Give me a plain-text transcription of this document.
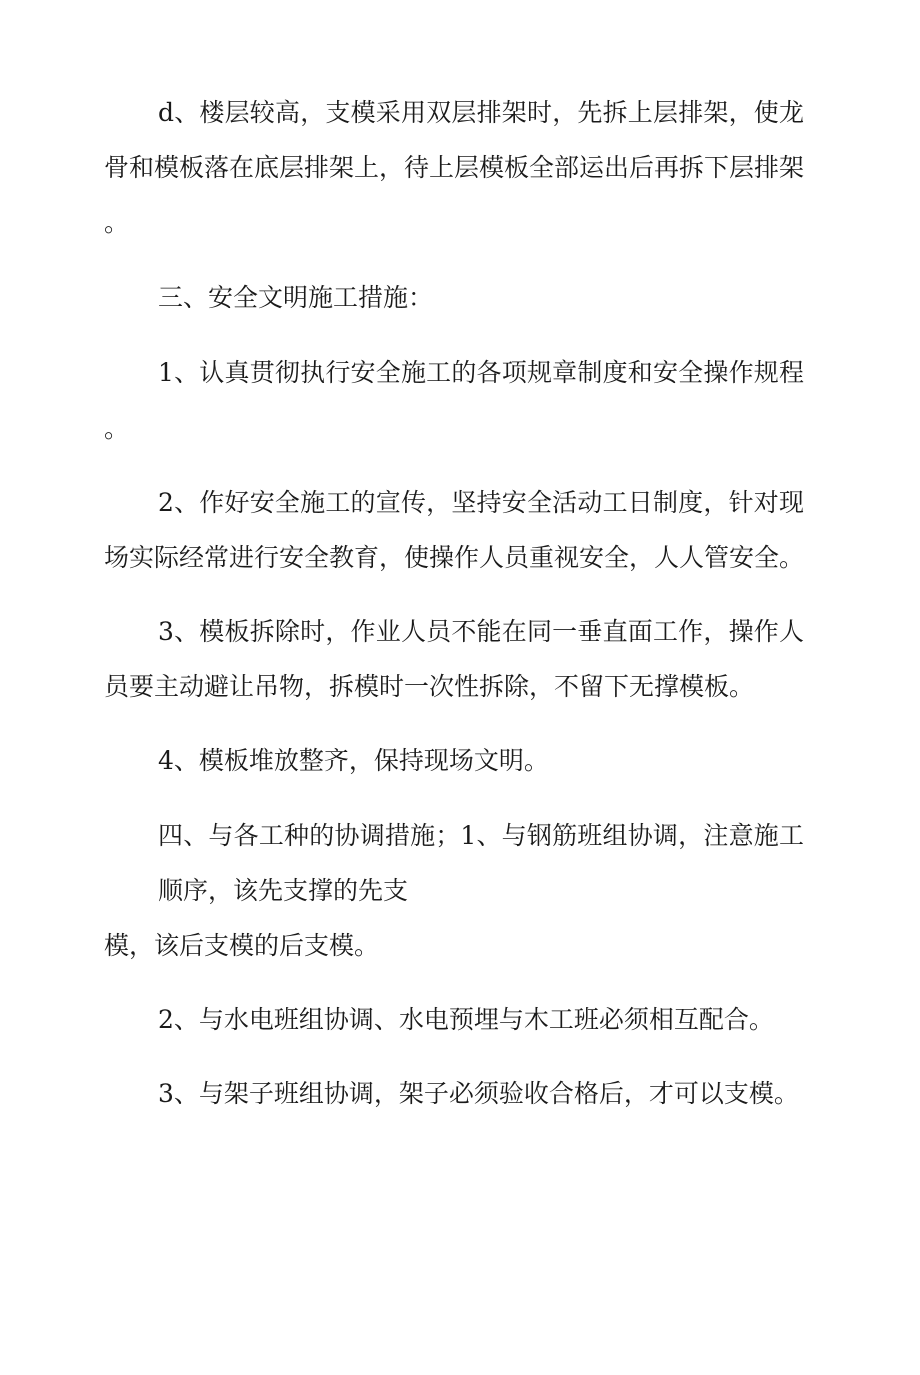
d、楼层较高，支模采用双层排架时，先拆上层排架，使龙
骨和模板落在底层排架上，待上层模板全部运出后再拆下层排架
。
三、安全文明施工措施：
1、认真贯彻执行安全施工的各项规章制度和安全操作规程
。
2、作好安全施工的宣传，坚持安全活动工日制度，针对现
场实际经常进行安全教育，使操作人员重视安全，人人管安全。
3、模板拆除时，作业人员不能在同一垂直面工作，操作人
员要主动避让吊物，拆模时一次性拆除，不留下无撑模板。
4、模板堆放整齐，保持现场文明。
四、与各工种的协调措施；1、与钢筋班组协调，注意施工
顺序，该先支撑的先支
模，该后支模的后支模。
2、与水电班组协调、水电预埋与木工班必须相互配合。
3、与架子班组协调，架子必须验收合格后，才可以支模。
